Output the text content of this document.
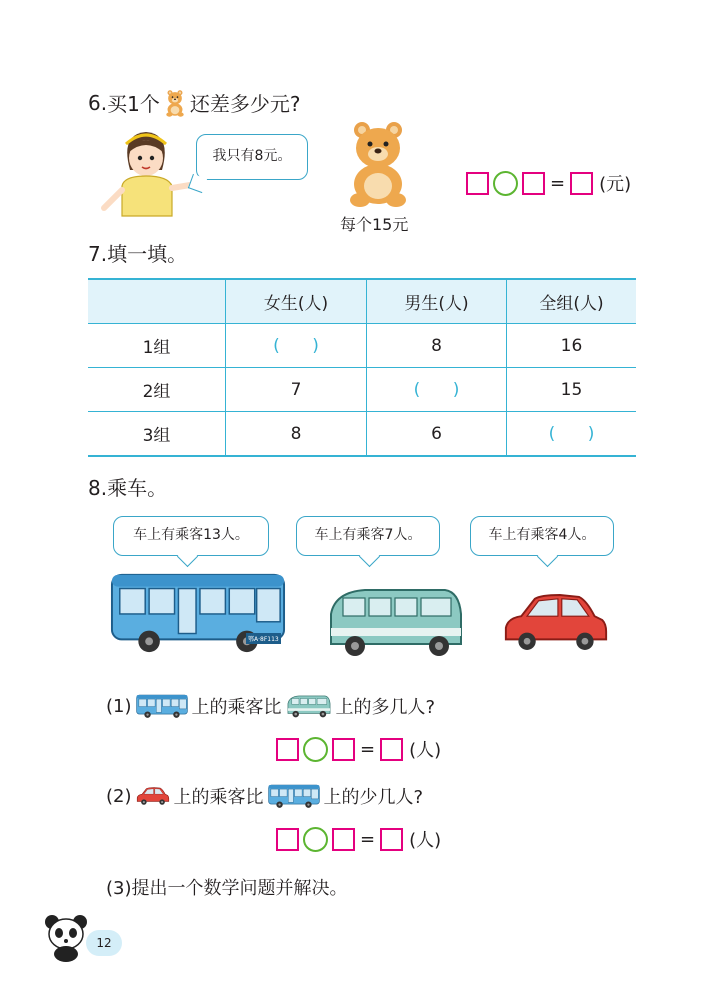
6. 买1个 还差多少元?
我只有8元。
每个15元
= (元)
7.填一填。
	女生(人)	男生(人)	全组(人)
1组	(      )	8	16
2组	7	(      )	15
3组	8	6	(      )
8.乘车。
车上有乘客13人。	车上有乘客7人。	车上有乘客4人。
鄂A·8F113
(1)	上的乘客比	上的多几人?
= (人)
(2) 上的乘客比	上的少几人?
= (人)
(3)提出一个数学问题并解决。
12
